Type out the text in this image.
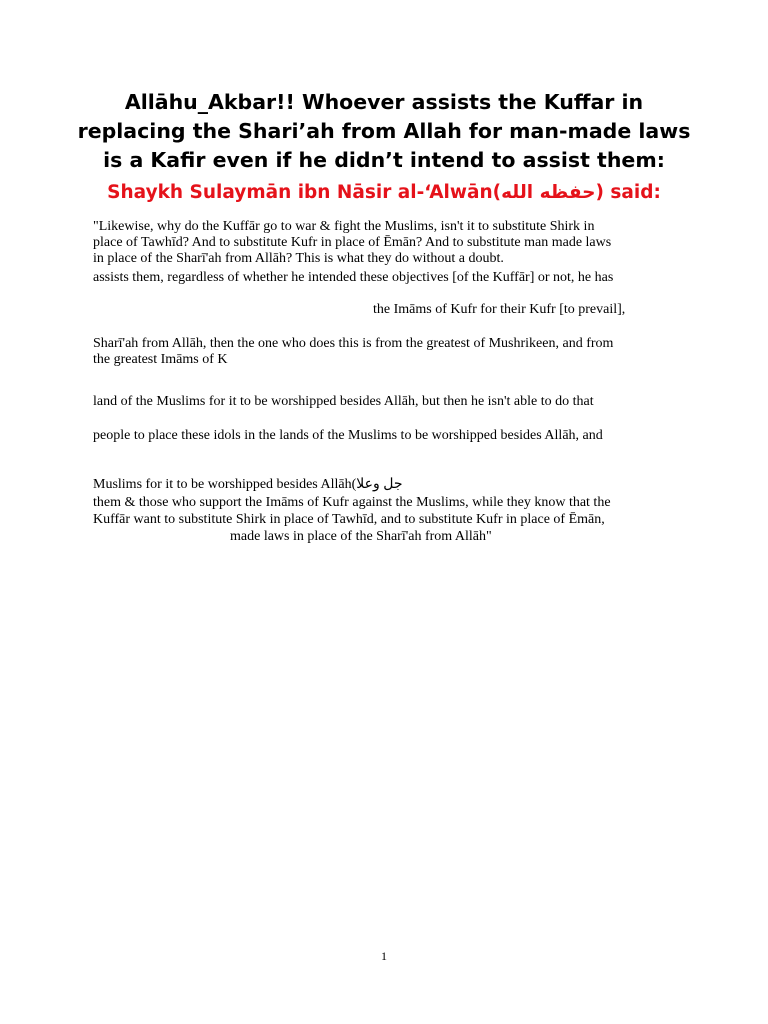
Allāhu_Akbar!! Whoever assists the Kuffar in
replacing the Shari’ah from Allah for man-made laws
is a Kafir even if he didn’t intend to assist them:
Shaykh Sulaymān ibn Nāsir al-‘Alwān(حفظه الله) said:
"Likewise, why do the Kuffār go to war & fight the Muslims, isn't it to substitute Shirk in
place of Tawhīd? And to substitute Kufr in place of Ēmān? And to substitute man made laws
in place of the Sharī'ah from Allāh? This is what they do without a doubt.
assists them, regardless of whether he intended these objectives [of the Kuffār] or not, he has
the Imāms of Kufr for their Kufr [to prevail],
Sharī'ah from Allāh, then the one who does this is from the greatest of Mushrikeen, and from
the greatest Imāms of K
land of the Muslims for it to be worshipped besides Allāh, but then he isn't able to do that
people to place these idols in the lands of the Muslims to be worshipped besides Allāh, and
Muslims for it to be worshipped besides Allāh(جل وعلا
them & those who support the Imāms of Kufr against the Muslims, while they know that the
Kuffār want to substitute Shirk in place of Tawhīd, and to substitute Kufr in place of Ēmān,
made laws in place of the Sharī'ah from Allāh"
1
